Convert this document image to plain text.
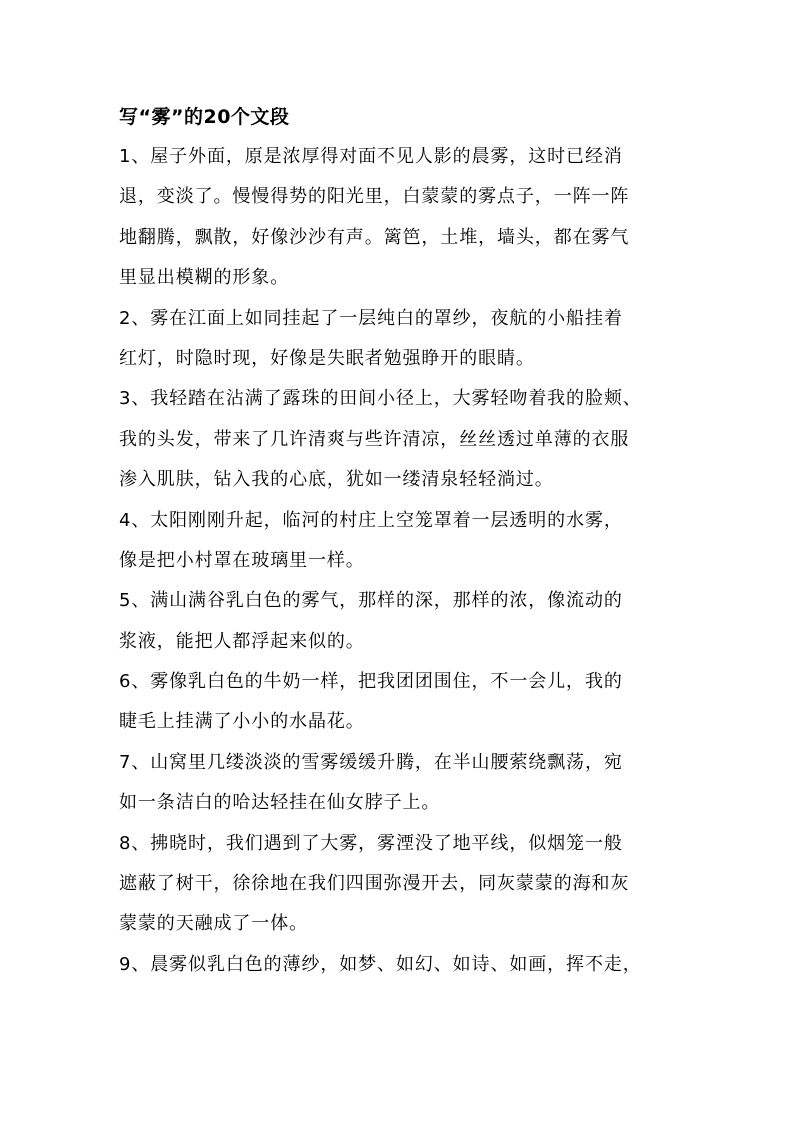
写“雾”的20个文段
1、屋子外面，原是浓厚得对面不见人影的晨雾，这时已经消
退，变淡了。慢慢得势的阳光里，白蒙蒙的雾点子，一阵一阵
地翻腾，飘散，好像沙沙有声。篱笆，土堆，墙头，都在雾气
里显出模糊的形象。
2、雾在江面上如同挂起了一层纯白的罩纱，夜航的小船挂着
红灯，时隐时现，好像是失眠者勉强睁开的眼睛。
3、我轻踏在沾满了露珠的田间小径上，大雾轻吻着我的脸颊、
我的头发，带来了几许清爽与些许清凉，丝丝透过单薄的衣服
渗入肌肤，钻入我的心底，犹如一缕清泉轻轻淌过。
4、太阳刚刚升起，临河的村庄上空笼罩着一层透明的水雾，
像是把小村罩在玻璃里一样。
5、满山满谷乳白色的雾气，那样的深，那样的浓，像流动的
浆液，能把人都浮起来似的。
6、雾像乳白色的牛奶一样，把我团团围住，不一会儿，我的
睫毛上挂满了小小的水晶花。
7、山窝里几缕淡淡的雪雾缓缓升腾，在半山腰萦绕飘荡，宛
如一条洁白的哈达轻挂在仙女脖子上。
8、拂晓时，我们遇到了大雾，雾湮没了地平线，似烟笼一般
遮蔽了树干，徐徐地在我们四围弥漫开去，同灰蒙蒙的海和灰
蒙蒙的天融成了一体。
9、晨雾似乳白色的薄纱，如梦、如幻、如诗、如画，挥不走，
